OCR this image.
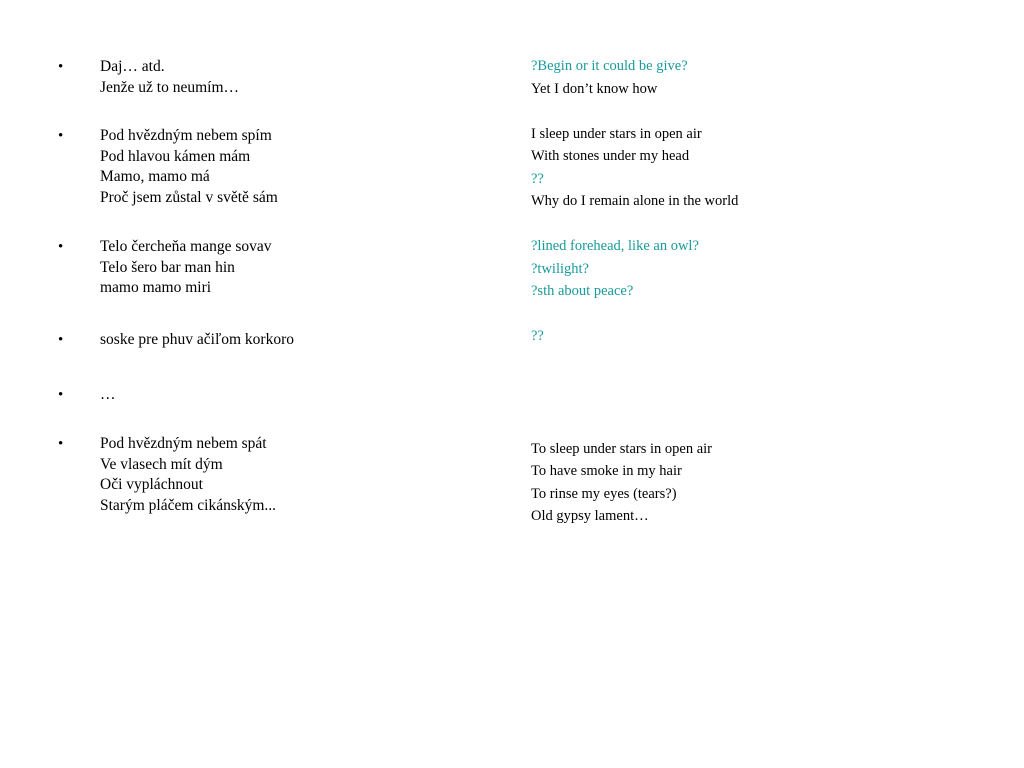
• Daj… atd.
Jenže už to neumím…
• Pod hvězdným nebem spím
Pod hlavou kámen mám
Mamo, mamo má
Proč jsem zůstal v světě sám
• Telo čercheňa mange sovav
Telo šero bar man hin
mamo mamo miri
• soske pre phuv ačiľom korkoro
• …
• Pod hvězdným nebem spát
Ve vlasech mít dým
Oči vypláchnout
Starým pláčem cikánským...
?Begin or it could be give?
Yet I don’t know how
I sleep under stars in open air
With stones under my head
??
Why do I remain alone in the world
?lined forehead, like an owl?
?twilight?
?sth about peace?
??
To sleep under stars in open air
To have smoke in my hair
To rinse my eyes (tears?)
Old gypsy lament…
